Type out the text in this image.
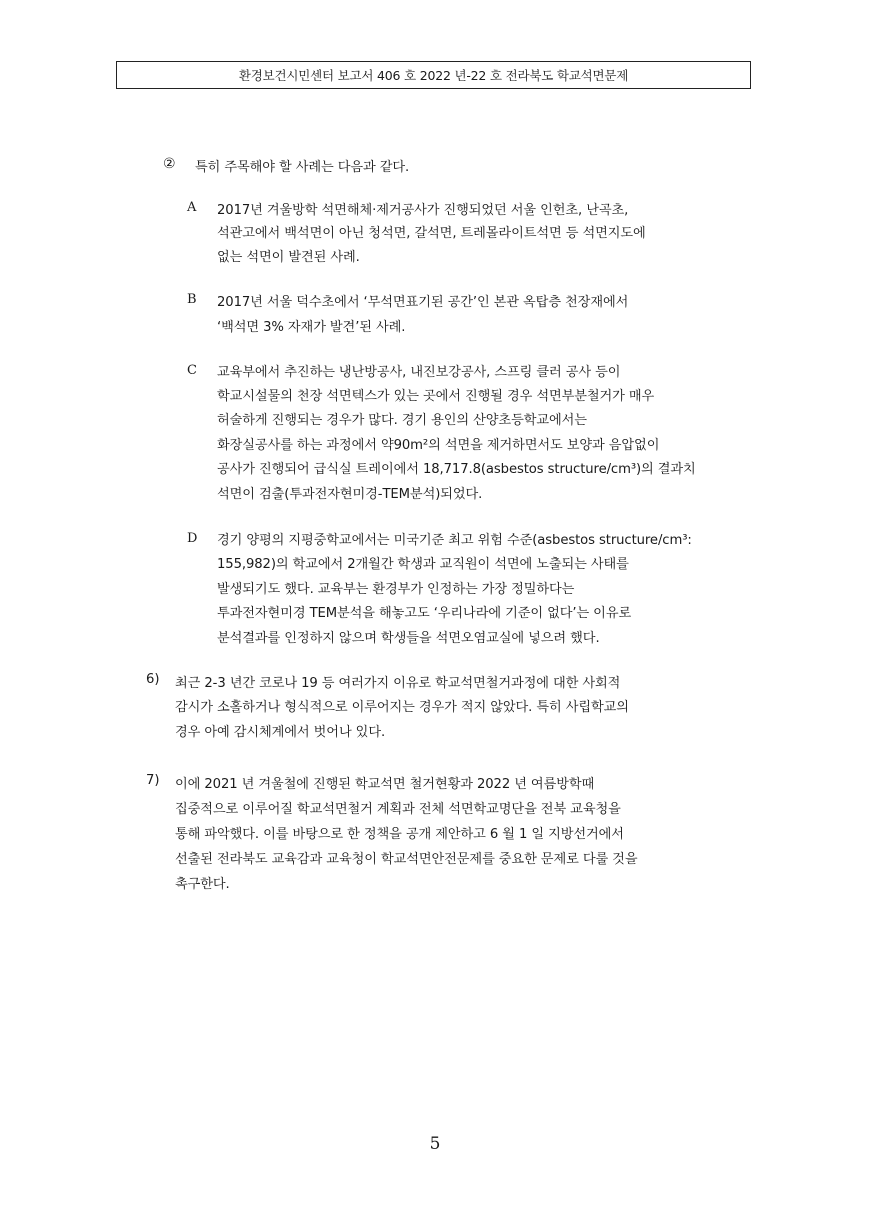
환경보건시민센터 보고서 406 호 2022 년-22 호 전라북도 학교석면문제
② 특히 주목해야 할 사례는 다음과 같다.
A 2017년 겨울방학 석면해체·제거공사가 진행되었던 서울 인헌초, 난곡초,
석관고에서 백석면이 아닌 청석면, 갈석면, 트레몰라이트석면 등 석면지도에
없는 석면이 발견된 사례.
B 2017년 서울 덕수초에서 ‘무석면표기된 공간’인 본관 옥탑층 천장재에서
‘백석면 3% 자재가 발견’된 사례.
C 교육부에서 추진하는 냉난방공사, 내진보강공사, 스프링 클러 공사 등이
학교시설물의 천장 석면텍스가 있는 곳에서 진행될 경우 석면부분철거가 매우
허술하게 진행되는 경우가 많다. 경기 용인의 산양초등학교에서는
화장실공사를 하는 과정에서 약90m²의 석면을 제거하면서도 보양과 음압없이
공사가 진행되어 급식실 트레이에서 18,717.8(asbestos structure/cm³)의 결과치
석면이 검출(투과전자현미경-TEM분석)되었다.
D 경기 양평의 지평중학교에서는 미국기준 최고 위험 수준(asbestos structure/cm³:
155,982)의 학교에서 2개월간 학생과 교직원이 석면에 노출되는 사태를
발생되기도 했다. 교육부는 환경부가 인정하는 가장 정밀하다는
투과전자현미경 TEM분석을 해놓고도 ‘우리나라에 기준이 없다’는 이유로
분석결과를 인정하지 않으며 학생들을 석면오염교실에 넣으려 했다.
6) 최근 2-3 년간 코로나 19 등 여러가지 이유로 학교석면철거과정에 대한 사회적
감시가 소홀하거나 형식적으로 이루어지는 경우가 적지 않았다. 특히 사립학교의
경우 아예 감시체계에서 벗어나 있다.
7) 이에 2021 년 겨울철에 진행된 학교석면 철거현황과 2022 년 여름방학때
집중적으로 이루어질 학교석면철거 계획과 전체 석면학교명단을 전북 교육청을
통해 파악했다. 이를 바탕으로 한 정책을 공개 제안하고 6 월 1 일 지방선거에서
선출된 전라북도 교육감과 교육청이 학교석면안전문제를 중요한 문제로 다룰 것을
촉구한다.
5
